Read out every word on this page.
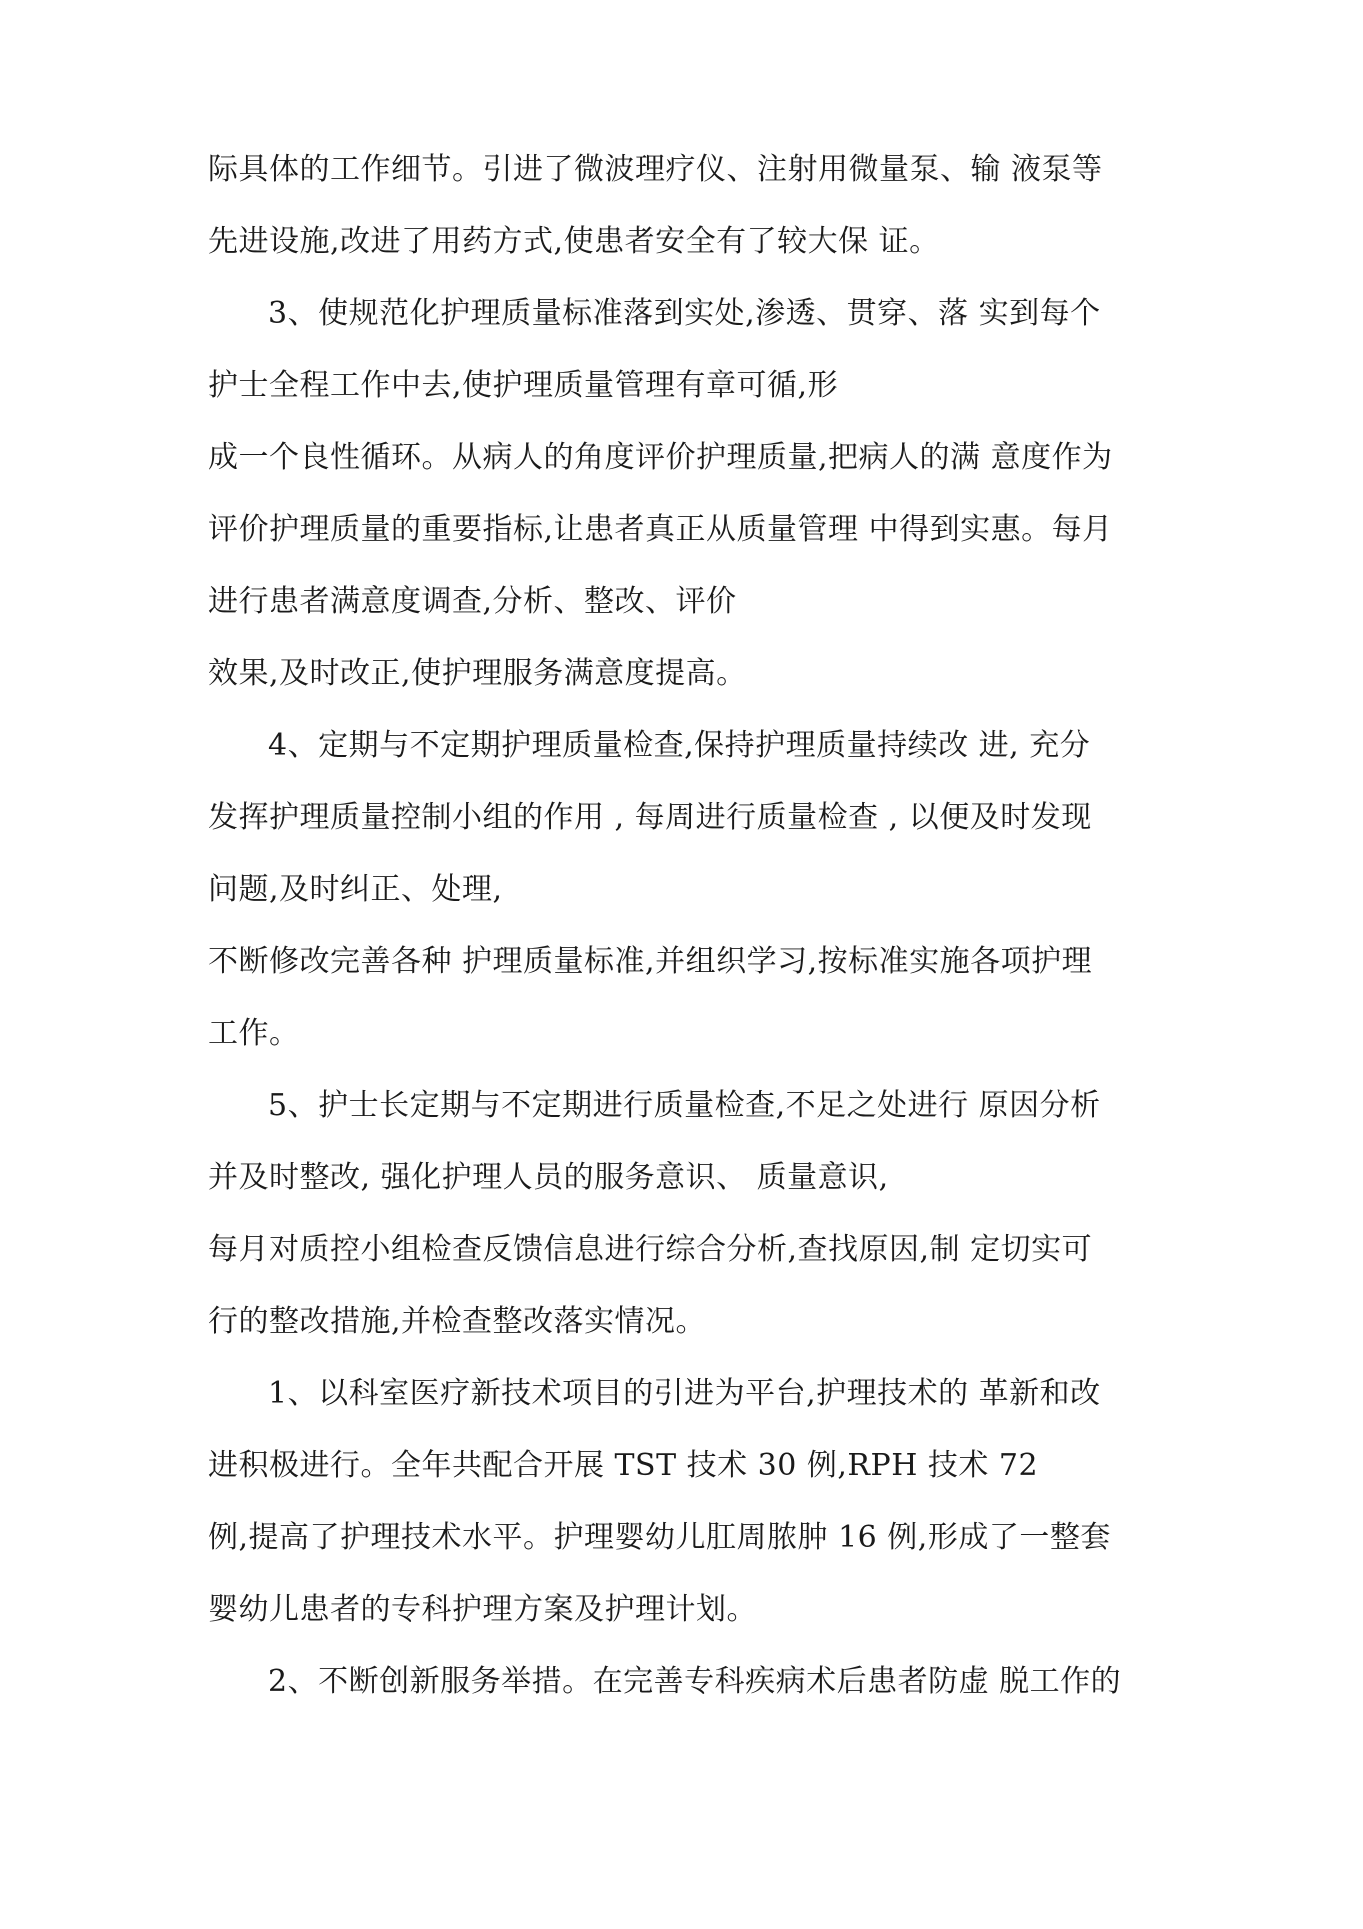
际具体的工作细节。引进了微波理疗仪、注射用微量泵、输 液泵等
先进设施,改进了用药方式,使患者安全有了较大保 证。
3、使规范化护理质量标准落到实处,渗透、贯穿、落 实到每个
护士全程工作中去,使护理质量管理有章可循,形
成一个良性循环。从病人的角度评价护理质量,把病人的满 意度作为
评价护理质量的重要指标,让患者真正从质量管理 中得到实惠。每月
进行患者满意度调查,分析、整改、评价
效果,及时改正,使护理服务满意度提高。
4、定期与不定期护理质量检查,保持护理质量持续改 进, 充分
发挥护理质量控制小组的作用 , 每周进行质量检查 , 以便及时发现
问题,及时纠正、处理,
不断修改完善各种 护理质量标准,并组织学习,按标准实施各项护理
工作。
5、护士长定期与不定期进行质量检查,不足之处进行 原因分析
并及时整改, 强化护理人员的服务意识、 质量意识,
每月对质控小组检查反馈信息进行综合分析,查找原因,制 定切实可
行的整改措施,并检查整改落实情况。
1、以科室医疗新技术项目的引进为平台,护理技术的 革新和改
进积极进行。全年共配合开展 TST 技术 30 例,RPH 技术 72
例,提高了护理技术水平。护理婴幼儿肛周脓肿 16 例,形成了一整套
婴幼儿患者的专科护理方案及护理计划。
2、不断创新服务举措。在完善专科疾病术后患者防虚 脱工作的
